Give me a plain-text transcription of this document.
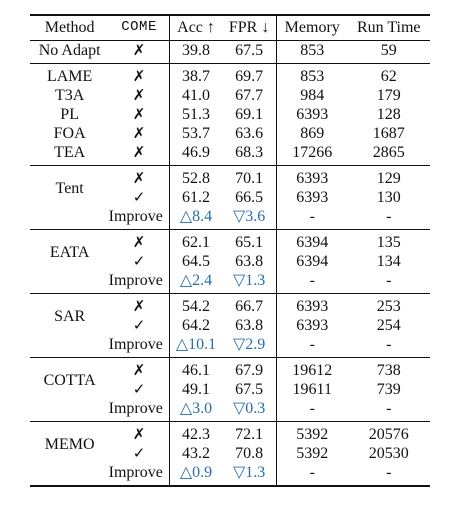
Method	COME	Acc ↑	FPR ↓	Memory	Run Time
No Adapt	✗	39.8	67.5	853	59
LAME	✗	38.7	69.7	853	62
T3A	✗	41.0	67.7	984	179
PL	✗	51.3	69.1	6393	128
FOA	✗	53.7	63.6	869	1687
TEA	✗	46.9	68.3	17266	2865
Tent	✗	52.8	70.1	6393	129
	✓	61.2	66.5	6393	130
Improve		△8.4	▽3.6	-	-
EATA	✗	62.1	65.1	6394	135
	✓	64.5	63.8	6394	134
Improve		△2.4	▽1.3	-	-
SAR	✗	54.2	66.7	6393	253
	✓	64.2	63.8	6393	254
Improve		△10.1	▽2.9	-	-
COTTA	✗	46.1	67.9	19612	738
	✓	49.1	67.5	19611	739
Improve		△3.0	▽0.3	-	-
MEMO	✗	42.3	72.1	5392	20576
	✓	43.2	70.8	5392	20530
Improve		△0.9	▽1.3	-	-
